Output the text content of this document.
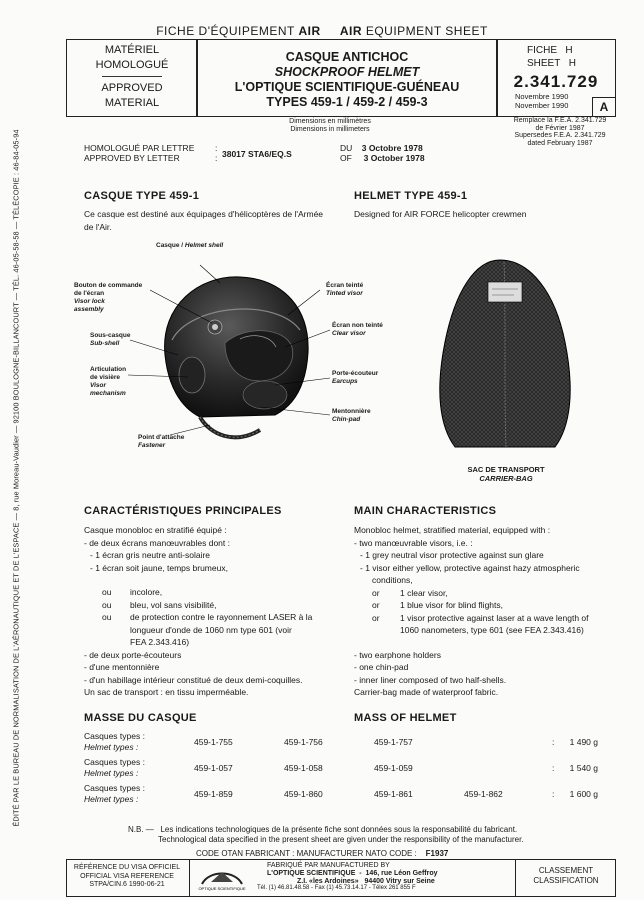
ÉDITÉ PAR LE BUREAU DE NORMALISATION DE L'AÉRONAUTIQUE ET DE L'ESPACE — 8, rue Moreau-Vaudier — 92100 BOULOGNE-BILLANCOURT — TÉL. 46-05-58-58 — TÉLÉCOPIE : 46-84-05-94
FICHE D'ÉQUIPEMENT AIR AIR EQUIPMENT SHEET
MATÉRIEL
HOMOLOGUÉ
APPROVED
MATERIAL
CASQUE ANTICHOC
SHOCKPROOF HELMET
L'OPTIQUE SCIENTIFIQUE-GUÉNEAU
TYPES 459-1 / 459-2 / 459-3
FICHE H
SHEET H
2.341.729
Novembre 1990
November 1990	A
Dimensions en millimètres
Dimensions in millimeters
Remplace la F.E.A. 2.341.729
de Février 1987
Supersedes F.E.A. 2.341.729
dated February 1987
HOMOLOGUÉ PAR LETTRE
APPROVED BY LETTER	38017 STA6/EQ.S
:
:
DU 3 Octobre 1978
OF 3 October 1978
CASQUE TYPE 459-1
Ce casque est destiné aux équipages d'hélicoptères de l'Armée
de l'Air.
HELMET TYPE 459-1
Designed for AIR FORCE helicopter crewmen
Casque / Helmet shell
Bouton de commande
de l'écran
Visor lock
assembly
Sous-casque
Sub-shell
Articulation
de visière
Visor
mechanism
Point d'attache
Fastener
Écran teinté
Tinted visor
Écran non teinté
Clear visor
Porte-écouteur
Earcups
Mentonnière
Chin-pad
SAC DE TRANSPORT
CARRIER-BAG
CARACTÉRISTIQUES PRINCIPALES
Casque monobloc en stratifié équipé :
- de deux écrans manœuvrables dont :
- 1 écran gris neutre anti-solaire
- 1 écran soit jaune, temps brumeux,
ou incolore,
ou bleu, vol sans visibilité,
ou de protection contre le rayonnement LASER à la
longueur d'onde de 1060 nm type 601 (voir
FEA 2.343.416)
- de deux porte-écouteurs
- d'une mentonnière
- d'un habillage intérieur constitué de deux demi-coquilles.
Un sac de transport : en tissu imperméable.
MAIN CHARACTERISTICS
Monobloc helmet, stratified material, equipped with :
- two manœuvrable visors, i.e. :
- 1 grey neutral visor protective against sun glare
- 1 visor either yellow, protective against hazy atmospheric
conditions,
or 1 clear visor,
or 1 blue visor for blind flights,
or 1 visor protective against laser at a wave length of
1060 nanometers, type 601 (see FEA 2.343.416)
- two earphone holders
- one chin-pad
- inner liner composed of two half-shells.
Carrier-bag made of waterproof fabric.
MASSE DU CASQUE	MASS OF HELMET
Casques types :
Helmet types :	459-1-755	459-1-756	459-1-757	: 1 490 g
Casques types :
Helmet types :	459-1-057	459-1-058	459-1-059	: 1 540 g
Casques types :
Helmet types :	459-1-859	459-1-860	459-1-861	459-1-862	: 1 600 g
N.B. — Les indications technologiques de la présente fiche sont données sous la responsabilité du fabricant.
Technological data specified in the present sheet are given under the responsibility of the manufacturer.
CODE OTAN FABRICANT : MANUFACTURER NATO CODE : F1937
RÉFÉRENCE DU VISA OFFICIEL
OFFICIAL VISA REFERENCE
STPA/CIN.6 1990-06-21
OPTIQUE SCIENTIFIQUE
FABRIQUÉ PAR MANUFACTURED BY
L'OPTIQUE SCIENTIFIQUE  -  146, rue Léon Geffroy
Z.I. «les Ardoines» 94400 Vitry sur Seine
Tél. (1) 46.81.48.58 - Fax (1) 45.73.14.17 - Télex 261 855 F
CLASSEMENT
CLASSIFICATION
